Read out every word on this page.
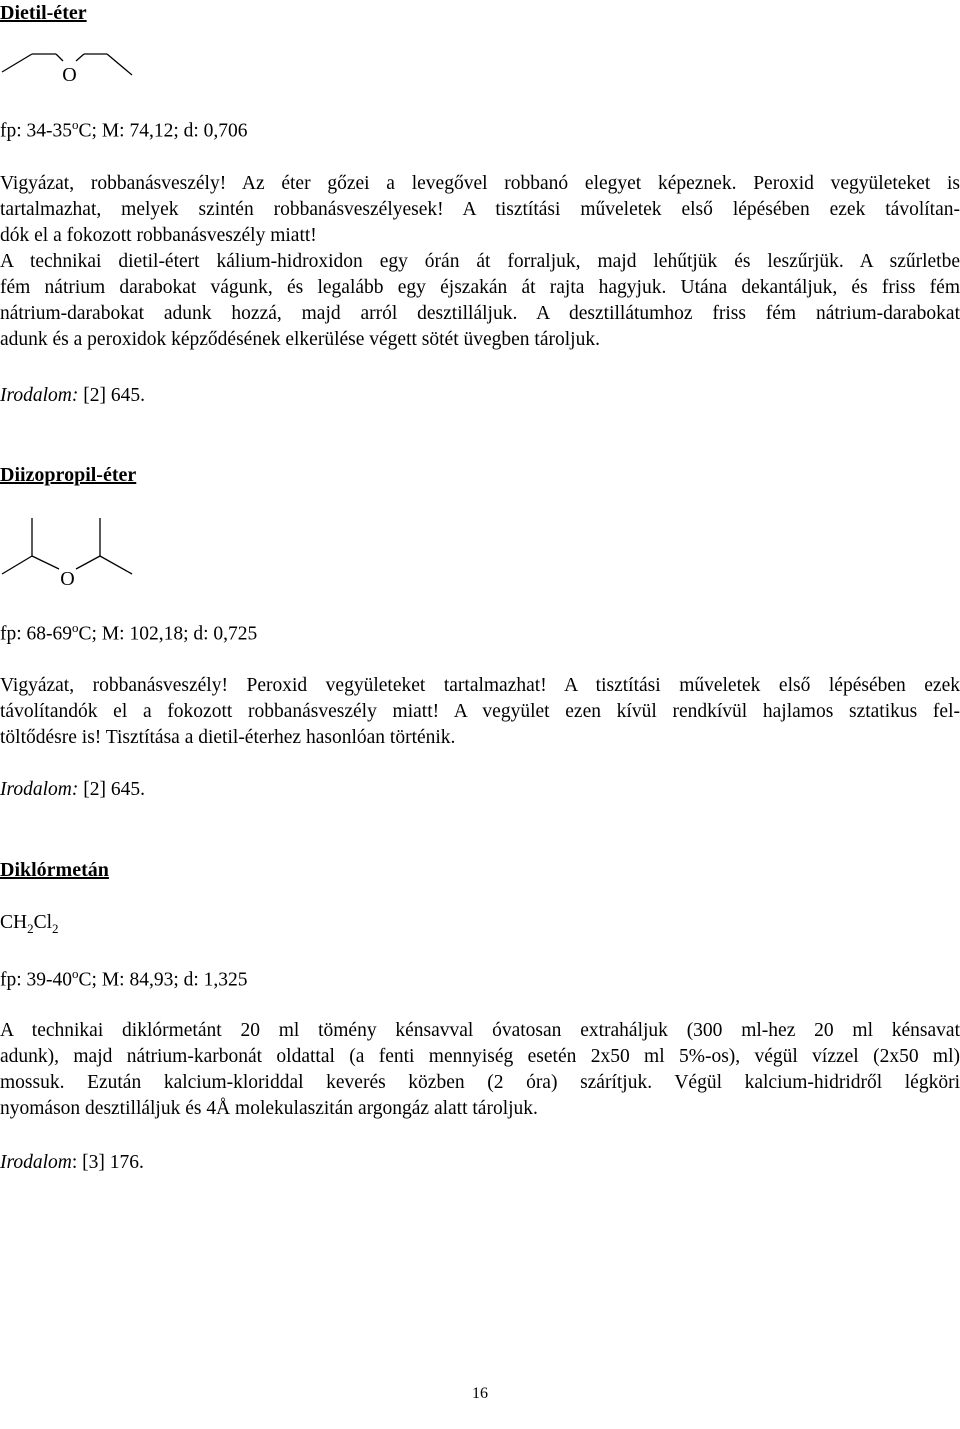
Dietil-éter
O
fp: 34-35$^o$C; M: 74,12; d: 0,706

Vigyázat, robbanásveszély! Az éter gőzei a levegővel robbanó elegyet képeznek. Peroxid vegyületeket is

tartalmazhat, melyek szintén robbanásveszélyesek! A tisztítási műveletek első lépésében ezek távolítan-

dók el a fokozott robbanásveszély miatt!

A technikai dietil-étert kálium-hidroxidon egy órán át forraljuk, majd lehűtjük és leszűrjük. A szűrletbe

fém nátrium darabokat vágunk, és legalább egy éjszakán át rajta hagyjuk. Utána dekantáljuk, és friss fém

nátrium-darabokat adunk hozzá, majd arról desztilláljuk. A desztillátumhoz friss fém nátrium-darabokat

adunk és a peroxidok képződésének elkerülése végett sötét üvegben tároljuk.

Irodalom: [2] 645.
Diizopropil-éter
O
fp: 68-69$^o$C; M: 102,18; d: 0,725

Vigyázat, robbanásveszély! Peroxid vegyületeket tartalmazhat! A tisztítási műveletek első lépésében ezek

távolítandók el a fokozott robbanásveszély miatt! A vegyület ezen kívül rendkívül hajlamos sztatikus fel-

töltődésre is! Tisztítása a dietil-éterhez hasonlóan történik.

Irodalom: [2] 645.
Diklórmetán
$CH_2Cl_2$
fp: 39-40$^o$C; M: 84,93; d: 1,325

A technikai diklórmetánt 20 ml tömény kénsavval óvatosan extraháljuk (300 ml-hez 20 ml kénsavat

adunk), majd nátrium-karbonát oldattal (a fenti mennyiség esetén 2x50 ml 5%-os), végül vízzel (2x50 ml)

mossuk. Ezután kalcium-kloriddal keverés közben (2 óra) szárítjuk. Végül kalcium-hidridről légköri

nyomáson desztilláljuk és 4Å molekulaszitán argongáz alatt tároljuk.

Irodalom: [3] 176.
16
